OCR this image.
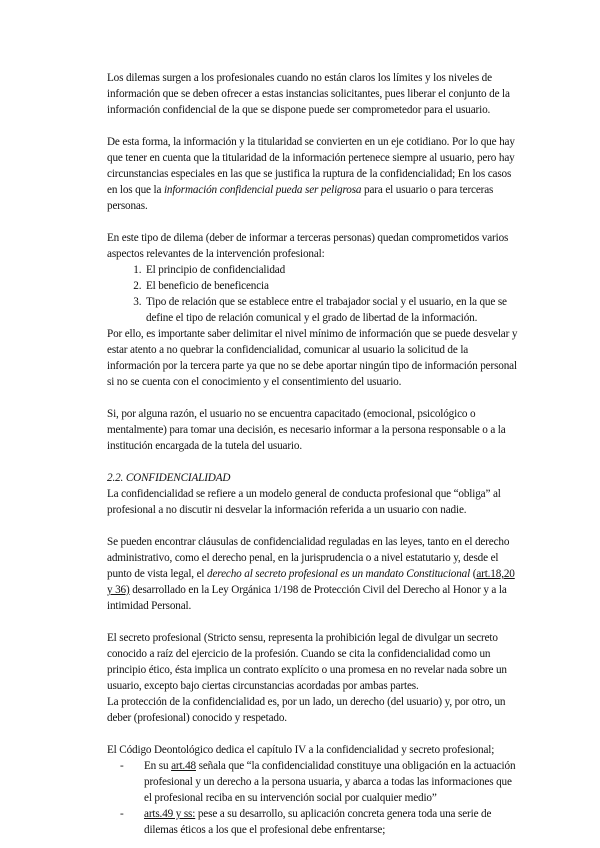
Los dilemas surgen a los profesionales cuando no están claros los límites y los niveles de información que se deben ofrecer a estas instancias solicitantes, pues liberar el conjunto de la información confidencial de la que se dispone puede ser comprometedor para el usuario.

De esta forma, la información y la titularidad se convierten en un eje cotidiano. Por lo que hay que tener en cuenta que la titularidad de la información pertenece siempre al usuario, pero hay circunstancias especiales en las que se justifica la ruptura de la confidencialidad; En los casos en los que la información confidencial pueda ser peligrosa para el usuario o para terceras personas.

En este tipo de dilema (deber de informar a terceras personas) quedan comprometidos varios aspectos relevantes de la intervención profesional:

1. El principio de confidencialidad
2. El beneficio de beneficencia
3. Tipo de relación que se establece entre el trabajador social y el usuario, en la que se define el tipo de relación comunical y el grado de libertad de la información.

Por ello, es importante saber delimitar el nivel mínimo de información que se puede desvelar y estar atento a no quebrar la confidencialidad, comunicar al usuario la solicitud de la información por la tercera parte ya que no se debe aportar ningún tipo de información personal si no se cuenta con el conocimiento y el consentimiento del usuario.

Si, por alguna razón, el usuario no se encuentra capacitado (emocional, psicológico o mentalmente) para tomar una decisión, es necesario informar a la persona responsable o a la institución encargada de la tutela del usuario.

2.2. CONFIDENCIALIDAD

La confidencialidad se refiere a un modelo general de conducta profesional que “obliga” al profesional a no discutir ni desvelar la información referida a un usuario con nadie.

Se pueden encontrar cláusulas de confidencialidad reguladas en las leyes, tanto en el derecho administrativo, como el derecho penal, en la jurisprudencia o a nivel estatutario y, desde el punto de vista legal, el derecho al secreto profesional es un mandato Constitucional (art.18,20 y 36) desarrollado en la Ley Orgánica 1/198 de Protección Civil del Derecho al Honor y a la intimidad Personal.

El secreto profesional (Stricto sensu, representa la prohibición legal de divulgar un secreto conocido a raíz del ejercicio de la profesión. Cuando se cita la confidencialidad como un principio ético, ésta implica un contrato explícito o una promesa en no revelar nada sobre un usuario, excepto bajo ciertas circunstancias acordadas por ambas partes.

La protección de la confidencialidad es, por un lado, un derecho (del usuario) y, por otro, un deber (profesional) conocido y respetado.

El Código Deontológico dedica el capítulo IV a la confidencialidad y secreto profesional;

- En su art.48 señala que “la confidencialidad constituye una obligación en la actuación profesional y un derecho a la persona usuaria, y abarca a todas las informaciones que el profesional reciba en su intervención social por cualquier medio”
- arts.49 y ss: pese a su desarrollo, su aplicación concreta genera toda una serie de dilemas éticos a los que el profesional debe enfrentarse;
